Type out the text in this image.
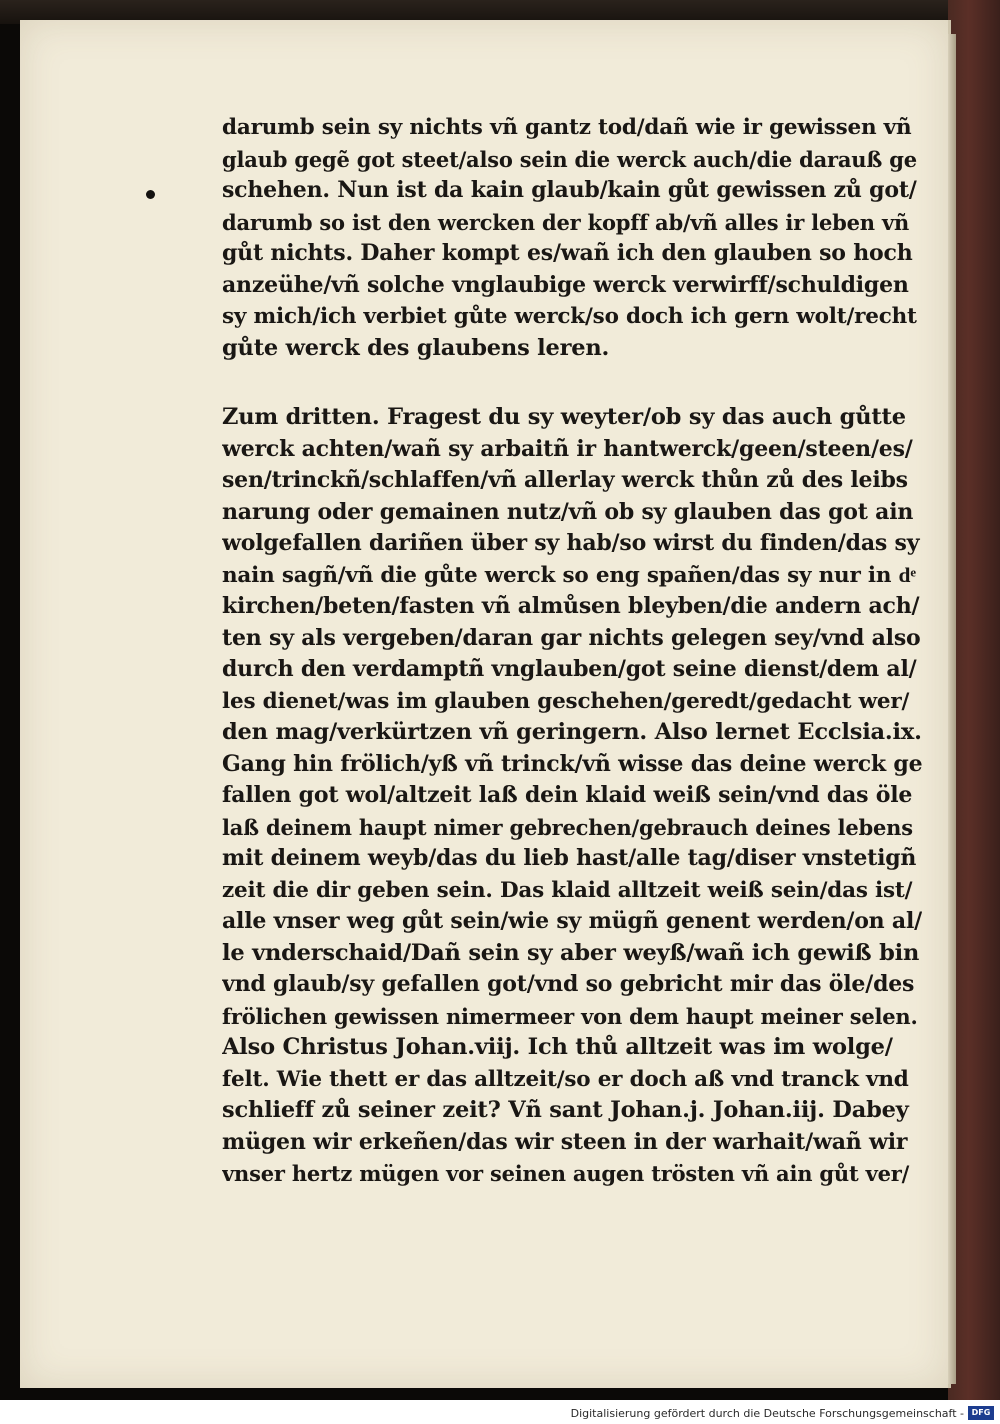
darumb sein sy nichts vñ gantz tod/dañ wie ir gewissen vñ
glaub gegẽ got steet/also sein die werck auch/die darauß ge
schehen. Nun ist da kain glaub/kain gůt gewissen zů got/
darumb so ist den wercken der kopff ab/vñ alles ir leben vñ
gůt nichts. Daher kompt es/wañ ich den glauben so hoch
anzeühe/vñ solche vnglaubige werck verwirff/schuldigen
sy mich/ich verbiet gůte werck/so doch ich gern wolt/recht
gůte werck des glaubens leren.
Zum dritten. Fragest du sy weyter/ob sy das auch gůtte
werck achten/wañ sy arbaitñ ir hantwerck/geen/steen/es/
sen/trinckñ/schlaffen/vñ allerlay werck thůn zů des leibs
narung oder gemainen nutz/vñ ob sy glauben das got ain
wolgefallen dariñen über sy hab/so wirst du finden/das sy
nain sagñ/vñ die gůte werck so eng spañen/das sy nur in dͤ
kirchen/beten/fasten vñ almůsen bleyben/die andern ach/
ten sy als vergeben/daran gar nichts gelegen sey/vnd also
durch den verdamptñ vnglauben/got seine dienst/dem al/
les dienet/was im glauben geschehen/geredt/gedacht wer/
den mag/verkürtzen vñ geringern. Also lernet Ecclsia.ix.
Gang hin frölich/yß vñ trinck/vñ wisse das deine werck ge
fallen got wol/altzeit laß dein klaid weiß sein/vnd das öle
laß deinem haupt nimer gebrechen/gebrauch deines lebens
mit deinem weyb/das du lieb hast/alle tag/diser vnstetigñ
zeit die dir geben sein. Das klaid alltzeit weiß sein/das ist/
alle vnser weg gůt sein/wie sy mügñ genent werden/on al/
le vnderschaid/Dañ sein sy aber weyß/wañ ich gewiß bin
vnd glaub/sy gefallen got/vnd so gebricht mir das öle/des
frölichen gewissen nimermeer von dem haupt meiner selen.
Also Christus Johan.viij. Ich thů alltzeit was im wolge/
felt. Wie thett er das alltzeit/so er doch aß vnd tranck vnd
schlieff zů seiner zeit? Vñ sant Johan.j. Johan.iij. Dabey
mügen wir erkeñen/das wir steen in der warhait/wañ wir
vnser hertz mügen vor seinen augen trösten vñ ain gůt ver/
Digitalisierung gefördert durch die Deutsche Forschungsgemeinschaft - DFG
